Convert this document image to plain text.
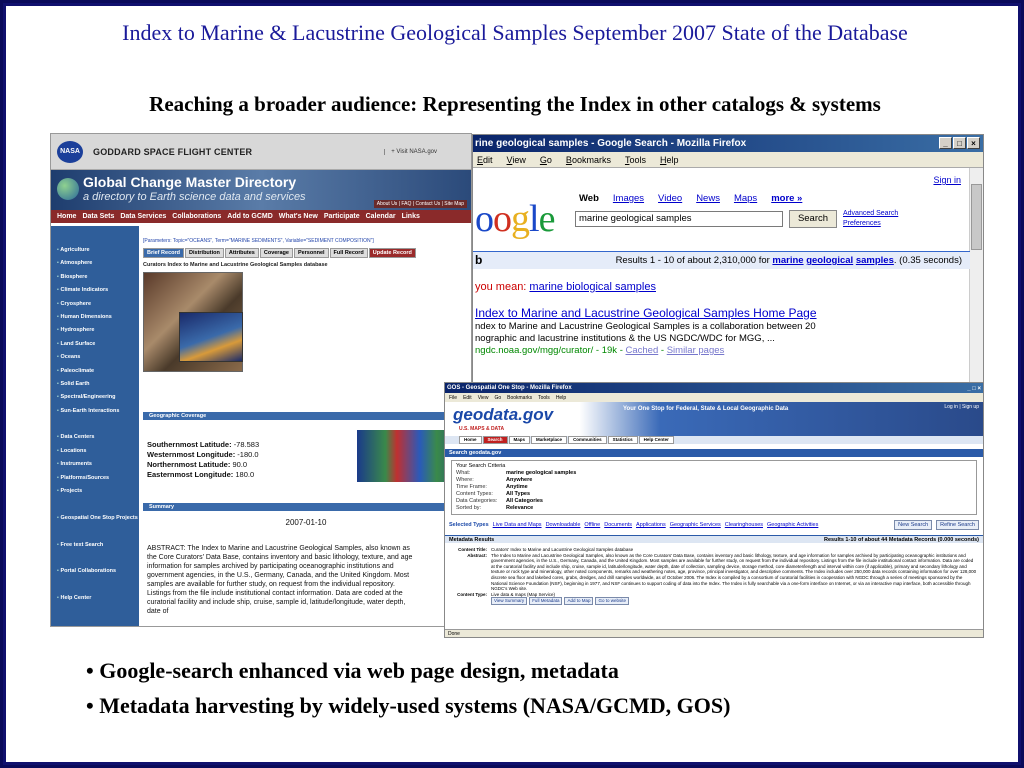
Index to Marine & Lacustrine Geological Samples September 2007 State of the Database
Reaching a broader audience: Representing the Index in other catalogs & systems
NASA	GODDARD SPACE FLIGHT CENTER	+ Visit NASA.gov
Global Change Master Directory
a directory to Earth science data and services
About Us | FAQ | Contact Us | Site Map
Home Data Sets Data Services Collaborations Add to GCMD What's New Participate Calendar Links
▪ Agriculture
▪ Atmosphere
▪ Biosphere
▪ Climate Indicators
▪ Cryosphere
▪ Human Dimensions
▪ Hydrosphere
▪ Land Surface
▪ Oceans
▪ Paleoclimate
▪ Solid Earth
▪ Spectral/Engineering
▪ Sun-Earth Interactions
▪ Data Centers
▪ Locations
▪ Instruments
▪ Platforms/Sources
▪ Projects
▪ Geospatial One Stop Projects
▪ Free text Search
▪ Portal Collaborations
▪ Help Center
[Parameters: Topic="OCEANS", Term="MARINE SEDIMENTS", Variable="SEDIMENT COMPOSITION"]
Brief Record	Distribution	Attributes	Coverage	Personnel	Full Record	Update Record
Curators Index to Marine and Lacustrine Geological Samples database
Geographic Coverage
Southernmost Latitude: -78.583
Westernmost Longitude: -180.0
Northernmost Latitude: 90.0
Easternmost Longitude: 180.0
Summary
2007-01-10
ABSTRACT: The Index to Marine and Lacustrine Geological Samples, also known as the Core Curators' Data Base, contains inventory and basic lithology, texture, and age information for samples archived by participating oceanographic institutions and government agencies, in the U.S., Germany, Canada, and the United Kingdom. Most samples are available for further study, on request from the individual repository. Listings from the file include institutional contact information. Data are coded at the curatorial facility and include ship, cruise, sample id, latitude/longitude, water depth, date of
rine geological samples - Google Search - Mozilla Firefox	_	□	×
Edit View Go Bookmarks Tools Help
Sign in
oogle	Web Images Video News Maps more »
marine geological samples	Search	Advanced Search
Preferences
b	Results 1 - 10 of about 2,310,000 for marine geological samples. (0.35 seconds)
you mean: marine biological samples
Index to Marine and Lacustrine Geological Samples Home Page
ndex to Marine and Lacustrine Geological Samples is a collaboration between 20
nographic and lacustrine institutions & the US NGDC/WDC for MGG, ...
ngdc.noaa.gov/mgg/curator/ - 19k - Cached - Similar pages
GOS - Geospatial One Stop - Mozilla Firefox	_ □ ×
File Edit View Go Bookmarks Tools Help
geodata.gov
U.S. MAPS & DATA
Your One Stop for Federal, State & Local Geographic Data	Log in | Sign up
Home	Search	Maps	Marketplace	Communities	Statistics	Help Center
Search geodata.gov
Your Search Criteria
What:	marine geological samples
Where:	Anywhere
Time Frame:	Anytime
Content Types:	All Types
Data Categories:	All Categories
Sorted by:	Relevance
Selected Types Live Data and Maps Downloadable Offline Documents Applications Geographic Services Clearinghouses Geographic Activities	New Search	Refine Search
Metadata Results	Results 1-10 of about 44 Metadata Records (0.000 seconds)
Content Title: Curators' Index to Marine and Lacustrine Geological Samples database
Abstract: The Index to Marine and Lacustrine Geological Samples, also known as the Core Curators' Data Base, contains inventory and basic lithology, texture, and age information for samples archived by participating oceanographic institutions and government agencies, in the U.S., Germany, Canada, and the United Kingdom. Most samples are available for further study, on request from the individual repository. Listings from the file include institutional contact information. Data are coded at the curatorial facility and include ship, cruise, sample id, latitude/longitude, water depth, date of collection, sampling device, storage method, core diameter/length and interval within core (if applicable), primary and secondary lithology and texture or rock type and mineralogy, other noted components, remarks and weathering notes, age, province, principal investigator, and descriptive comments. The Index includes over 250,000 data records containing information for over 128,000 discrete sea floor and lakebed cores, grabs, dredges, and drill samples worldwide, as of October 2006. The Index is compiled by a consortium of curatorial facilities in cooperation with NGDC through a series of meetings sponsored by the National Science Foundation (NSF), beginning in 1977, and NSF continues to support coding of data into the Index. The Index is fully searchable via a one-form interface on Internet, or via an interactive map interface, both accessible through NGDC's Web site.
Content Type: Live data & maps (Map Service)
View Summary	Full Metadata	Add to Map	Go to website
Done
• Google-search enhanced via web page design, metadata
• Metadata harvesting by widely-used systems (NASA/GCMD, GOS)
